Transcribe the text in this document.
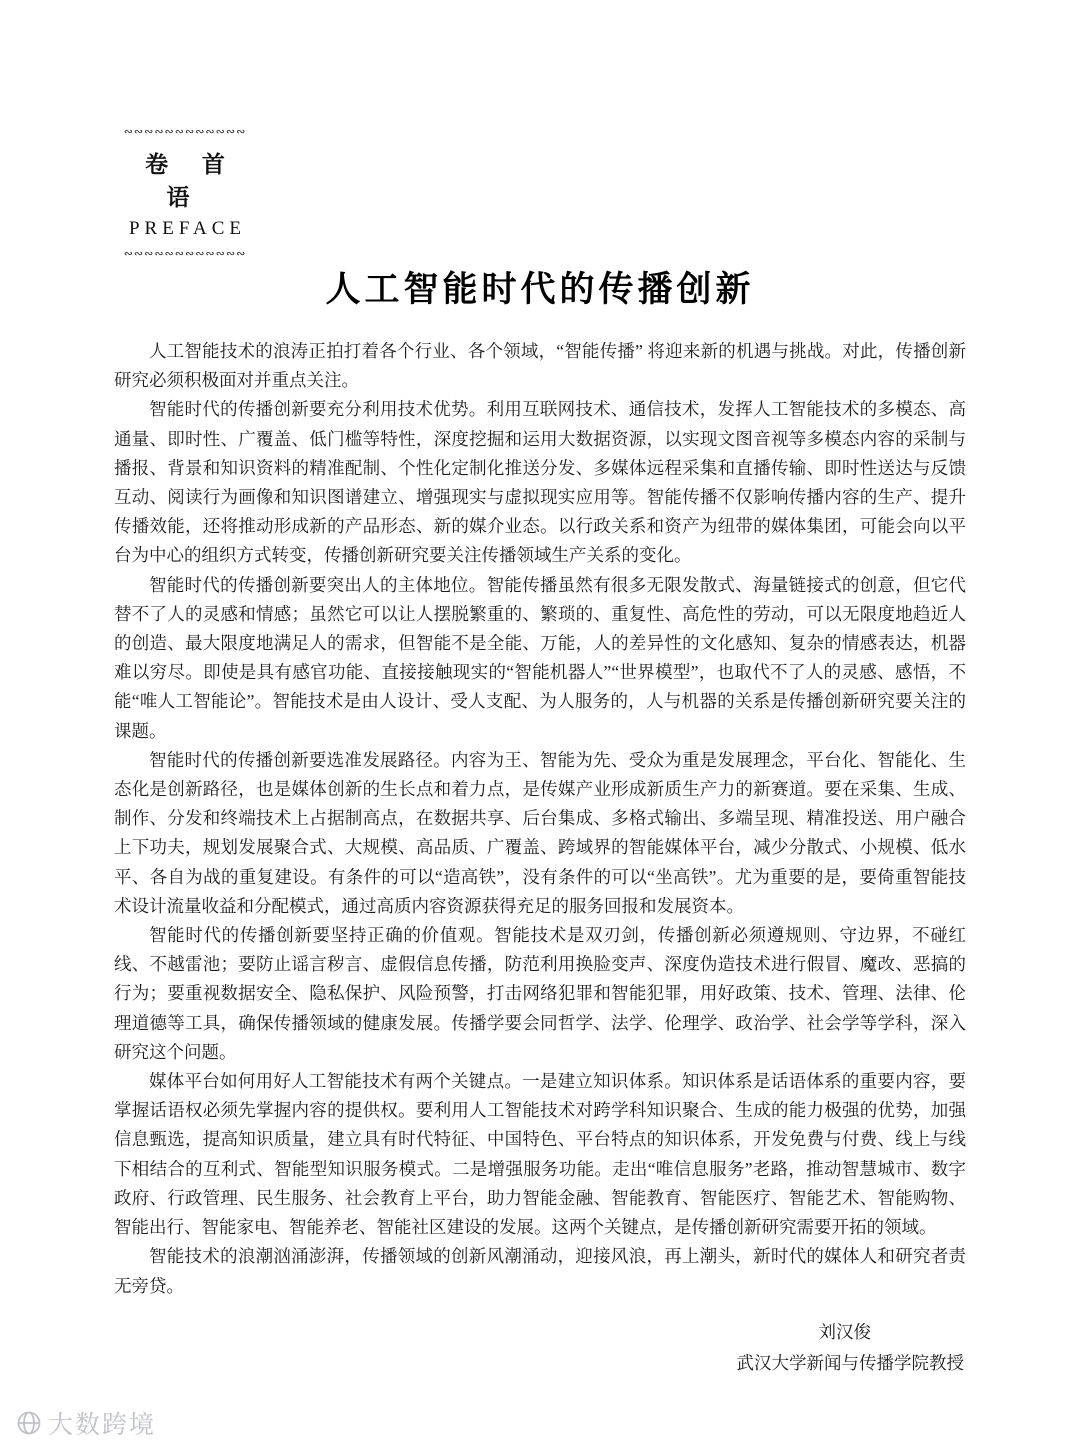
∾∾∾∾∾∾∾∾∾∾∾∾
卷 首 语
PREFACE
∾∾∾∾∾∾∾∾∾∾∾∾
人工智能时代的传播创新

人工智能技术的浪涛正拍打着各个行业、各个领域，“智能传播” 将迎来新的机遇与挑战。对此，传播创新研究必须积极面对并重点关注。

智能时代的传播创新要充分利用技术优势。利用互联网技术、通信技术，发挥人工智能技术的多模态、高通量、即时性、广覆盖、低门槛等特性，深度挖掘和运用大数据资源，以实现文图音视等多模态内容的采制与播报、背景和知识资料的精准配制、个性化定制化推送分发、多媒体远程采集和直播传输、即时性送达与反馈互动、阅读行为画像和知识图谱建立、增强现实与虚拟现实应用等。智能传播不仅影响传播内容的生产、提升传播效能，还将推动形成新的产品形态、新的媒介业态。以行政关系和资产为纽带的媒体集团，可能会向以平台为中心的组织方式转变，传播创新研究要关注传播领域生产关系的变化。

智能时代的传播创新要突出人的主体地位。智能传播虽然有很多无限发散式、海量链接式的创意，但它代替不了人的灵感和情感；虽然它可以让人摆脱繁重的、繁琐的、重复性、高危性的劳动，可以无限度地趋近人的创造、最大限度地满足人的需求，但智能不是全能、万能，人的差异性的文化感知、复杂的情感表达，机器难以穷尽。即使是具有感官功能、直接接触现实的“智能机器人”“世界模型”，也取代不了人的灵感、感悟，不能“唯人工智能论”。智能技术是由人设计、受人支配、为人服务的，人与机器的关系是传播创新研究要关注的课题。

智能时代的传播创新要选准发展路径。内容为王、智能为先、受众为重是发展理念，平台化、智能化、生态化是创新路径，也是媒体创新的生长点和着力点，是传媒产业形成新质生产力的新赛道。要在采集、生成、制作、分发和终端技术上占据制高点，在数据共享、后台集成、多格式输出、多端呈现、精准投送、用户融合上下功夫，规划发展聚合式、大规模、高品质、广覆盖、跨域界的智能媒体平台，减少分散式、小规模、低水平、各自为战的重复建设。有条件的可以“造高铁”，没有条件的可以“坐高铁”。尤为重要的是，要倚重智能技术设计流量收益和分配模式，通过高质内容资源获得充足的服务回报和发展资本。

智能时代的传播创新要坚持正确的价值观。智能技术是双刃剑，传播创新必须遵规则、守边界，不碰红线、不越雷池；要防止谣言秽言、虚假信息传播，防范利用换脸变声、深度伪造技术进行假冒、魔改、恶搞的行为；要重视数据安全、隐私保护、风险预警，打击网络犯罪和智能犯罪，用好政策、技术、管理、法律、伦理道德等工具，确保传播领域的健康发展。传播学要会同哲学、法学、伦理学、政治学、社会学等学科，深入研究这个问题。

媒体平台如何用好人工智能技术有两个关键点。一是建立知识体系。知识体系是话语体系的重要内容，要掌握话语权必须先掌握内容的提供权。要利用人工智能技术对跨学科知识聚合、生成的能力极强的优势，加强信息甄选，提高知识质量，建立具有时代特征、中国特色、平台特点的知识体系，开发免费与付费、线上与线下相结合的互利式、智能型知识服务模式。二是增强服务功能。走出“唯信息服务”老路，推动智慧城市、数字政府、行政管理、民生服务、社会教育上平台，助力智能金融、智能教育、智能医疗、智能艺术、智能购物、智能出行、智能家电、智能养老、智能社区建设的发展。这两个关键点，是传播创新研究需要开拓的领域。

智能技术的浪潮汹涌澎湃，传播领域的创新风潮涌动，迎接风浪，再上潮头，新时代的媒体人和研究者责无旁贷。

刘汉俊
武汉大学新闻与传播学院教授
大数跨境
